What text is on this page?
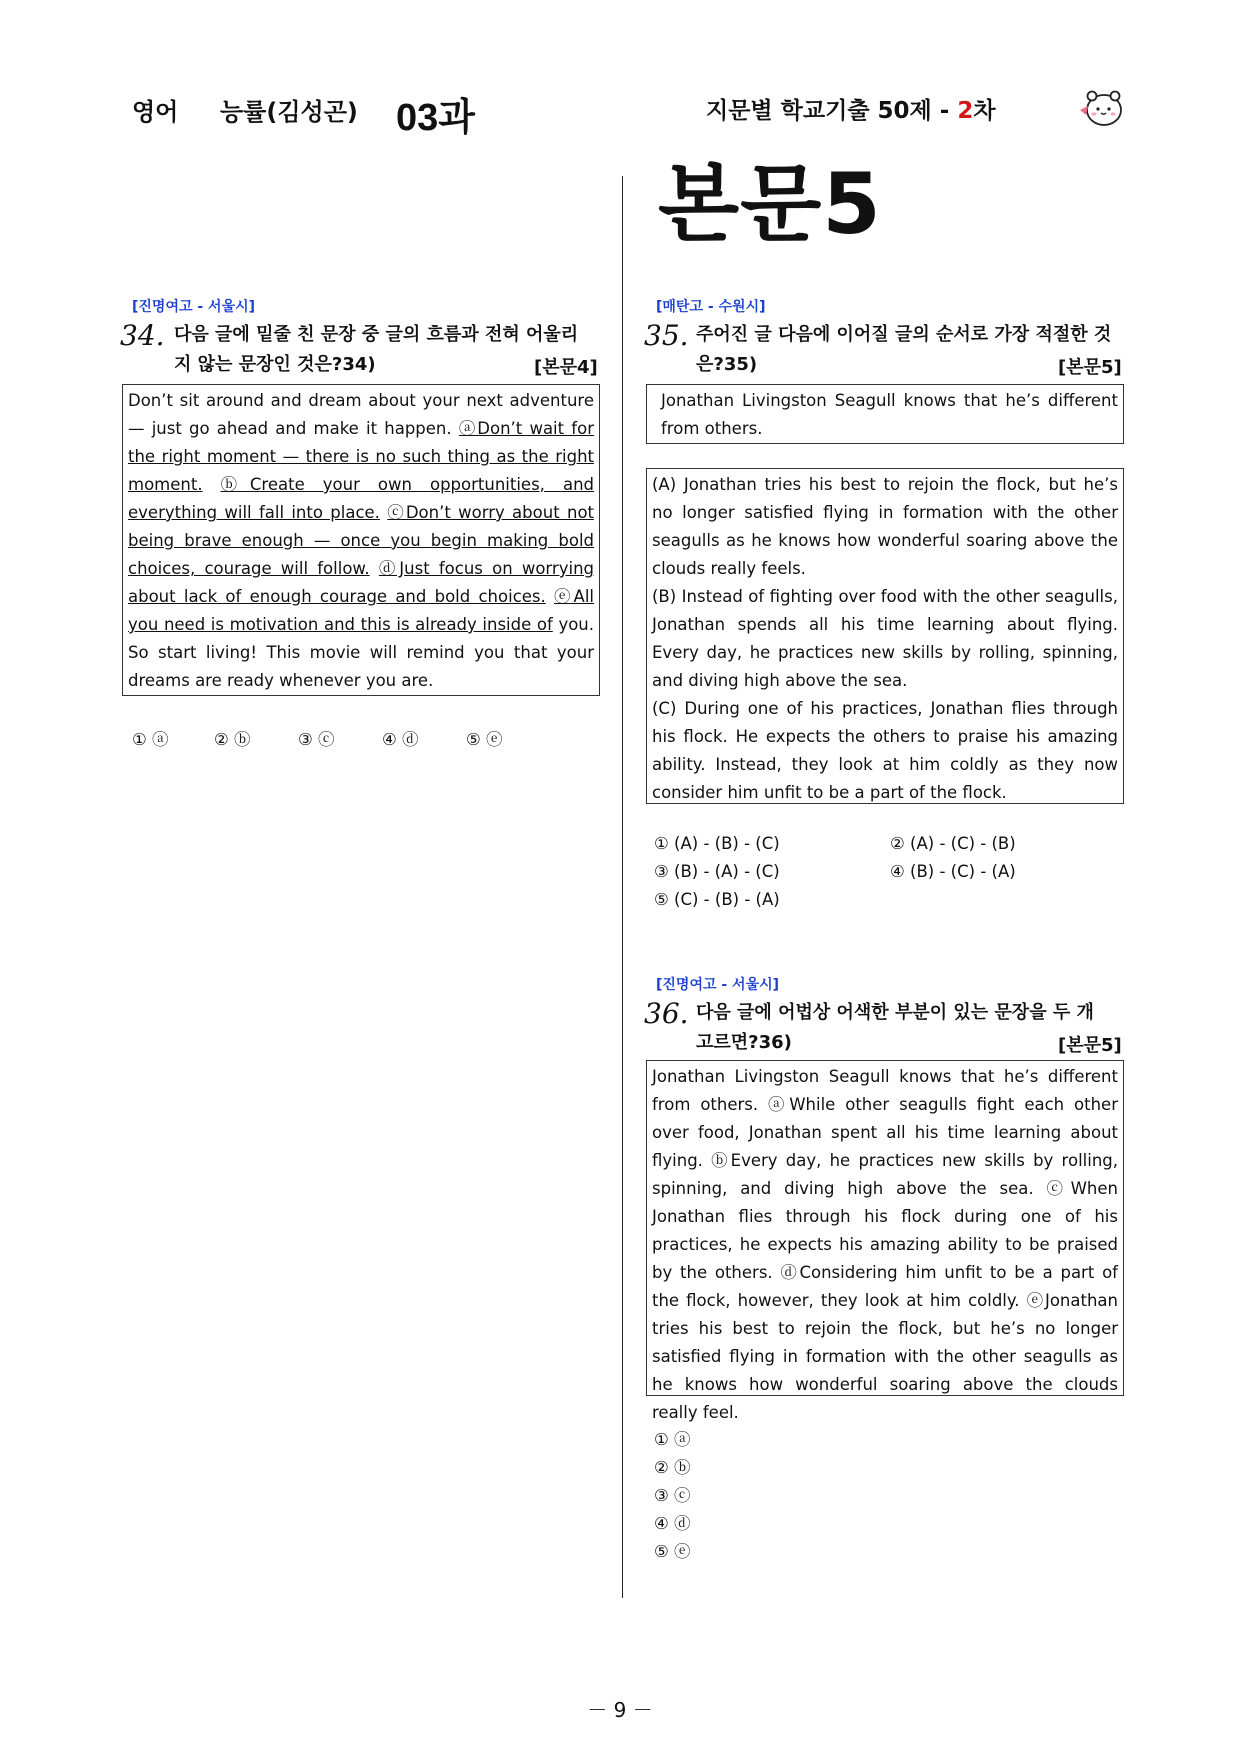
영어 능률(김성곤) 03과	지문별 학교기출 50제 - 2차
본문5
[진명여고 - 서울시]
34. 다음 글에 밑줄 친 문장 중 글의 흐름과 전혀 어울리
지 않는 문장인 것은?34)	[본문4]
Don’t sit around and dream about your next adventure — just go ahead and make it happen. ⓐDon’t wait for the right moment — there is no such thing as the right moment. ⓑCreate your own opportunities, and everything will fall into place. ⓒDon’t worry about not being brave enough — once you begin making bold choices, courage will follow. ⓓJust focus on worrying about lack of enough courage and bold choices. ⓔAll you need is motivation and this is already inside of you. So start living! This movie will remind you that your dreams are ready whenever you are.
① ⓐ	② ⓑ	③ ⓒ	④ ⓓ	⑤ ⓔ
[매탄고 - 수원시]
35. 주어진 글 다음에 이어질 글의 순서로 가장 적절한 것
은?35)	[본문5]
Jonathan Livingston Seagull knows that he’s different from others.
(A) Jonathan tries his best to rejoin the flock, but he’s no longer satisfied flying in formation with the other seagulls as he knows how wonderful soaring above the clouds really feels.
(B) Instead of fighting over food with the other seagulls, Jonathan spends all his time learning about flying. Every day, he practices new skills by rolling, spinning, and diving high above the sea.
(C) During one of his practices, Jonathan flies through his flock. He expects the others to praise his amazing ability. Instead, they look at him coldly as they now consider him unfit to be a part of the flock.
① (A) - (B) - (C)	② (A) - (C) - (B)
③ (B) - (A) - (C)	④ (B) - (C) - (A)
⑤ (C) - (B) - (A)
[진명여고 - 서울시]
36. 다음 글에 어법상 어색한 부분이 있는 문장을 두 개
고르면?36)	[본문5]
Jonathan Livingston Seagull knows that he’s different from others. ⓐWhile other seagulls fight each other over food, Jonathan spent all his time learning about flying. ⓑEvery day, he practices new skills by rolling, spinning, and diving high above the sea. ⓒWhen Jonathan flies through his flock during one of his practices, he expects his amazing ability to be praised by the others. ⓓConsidering him unfit to be a part of the flock, however, they look at him coldly. ⓔJonathan tries his best to rejoin the flock, but he’s no longer satisfied flying in formation with the other seagulls as he knows how wonderful soaring above the clouds really feel.
① ⓐ
② ⓑ
③ ⓒ
④ ⓓ
⑤ ⓔ
－ 9 －
